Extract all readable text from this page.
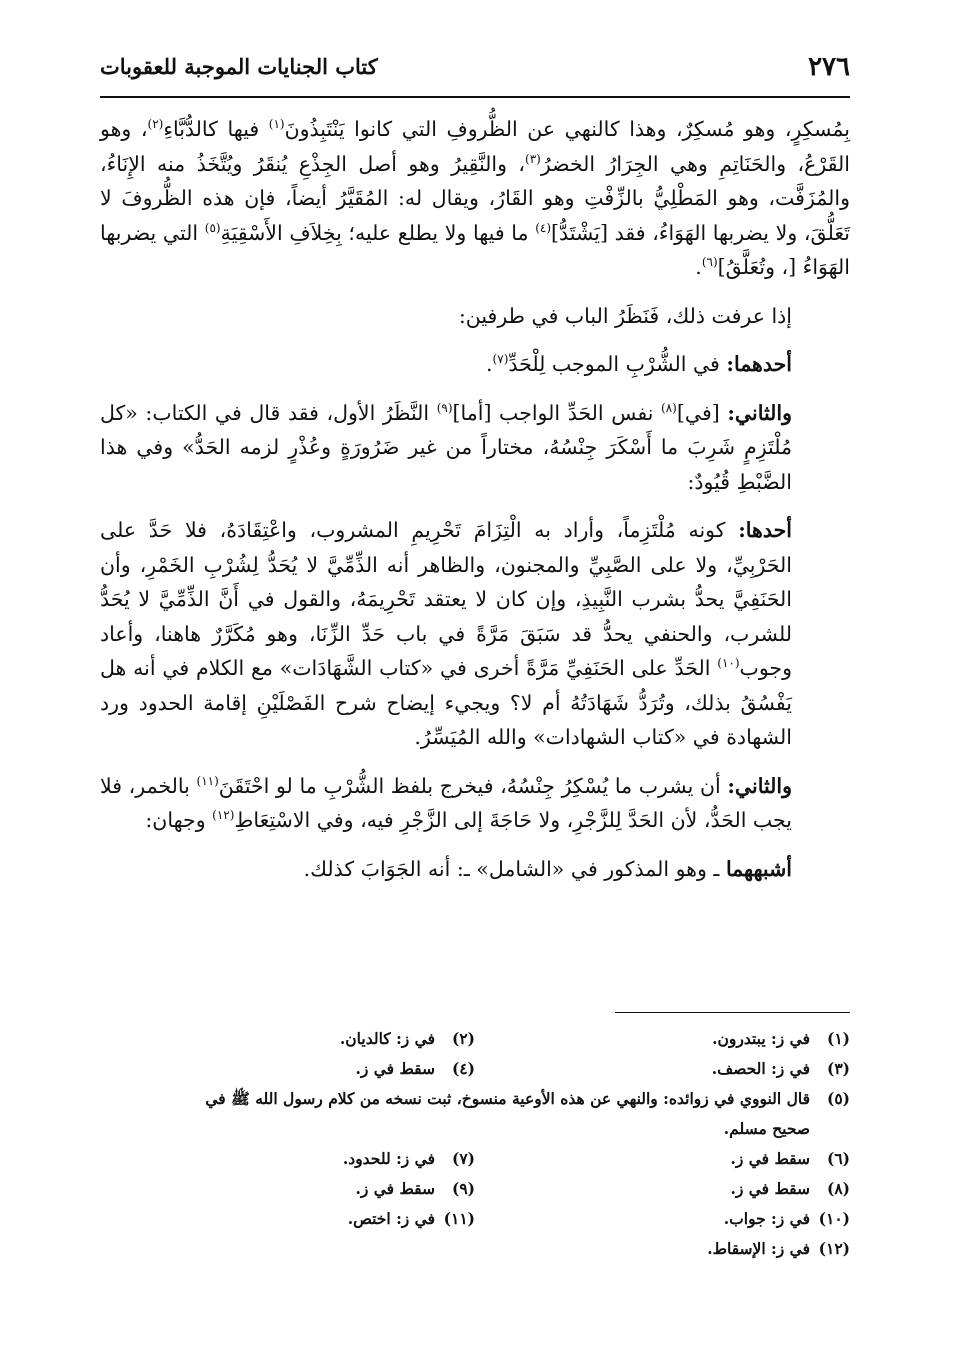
٢٧٦
كتاب الجنايات الموجبة للعقوبات

بِمُسكِرٍ، وهو مُسكِرٌ، وهذا كالنهي عن الظُّروفِ التي كانوا يَنْتَبِذُونَ$^{(١)}$ فيها كالدُّبَّاءِ$^{(٢)}$، وهو القَرْعُ، والحَنَاتِمِ وهي الجِرَارُ الخضرُ$^{(٣)}$، والنَّقِيرُ وهو أصل الجِذْعِ يُنقَرُ ويُتَّخَذُ منه الإِنَاءُ، والمُزَفَّت، وهو المَطْلِيُّ بالزِّفْتِ وهو القَارُ، ويقال له: المُقَيَّرُ أيضاً، فإن هذه الظُّروفَ لا تَعَلُّقَ، ولا يضربها الهَوَاءُ، فقد [يَشْتَدُّ]$^{(٤)}$ ما فيها ولا يطلع عليه؛ بِخِلاَفِ الأَسْقِيَةِ$^{(٥)}$ التي يضربها الهَوَاءُ [، وتُعَلَّقُ]$^{(٦)}$.

إذا عرفت ذلك، فَنَظَرُ الباب في طرفين:

أحدهما: في الشُّرْبِ الموجب لِلْحَدِّ$^{(٧)}$.

والثاني: [في]$^{(٨)}$ نفس الحَدِّ الواجب [أما]$^{(٩)}$ النَّظَرُ الأول، فقد قال في الكتاب: «كل مُلْتَزِمٍ شَرِبَ ما أَسْكَرَ جِنْسُهُ، مختاراً من غير ضَرُورَةٍ وعُذْرٍ لزمه الحَدُّ» وفي هذا الضَّبْطِ قُيُودٌ:

أحدها: كونه مُلْتَزِماً، وأراد به الْتِزَامَ تَحْرِيمِ المشروب، واعْتِقَادَهُ، فلا حَدَّ على الحَرْبِيِّ، ولا على الصَّبِيِّ والمجنون، والظاهر أنه الذِّمِّيَّ لا يُحَدُّ لِشُرْبِ الخَمْرِ، وأن الحَنَفِيَّ يحدُّ بشرب النَّبِيذِ، وإن كان لا يعتقد تَحْرِيمَهُ، والقول في أَنَّ الذِّمِّيَّ لا يُحَدُّ للشرب، والحنفي يحدُّ قد سَبَقَ مَرَّةً في باب حَدِّ الزِّنَا، وهو مُكَرَّرٌ هاهنا، وأعاد وجوب$^{(١٠)}$ الحَدِّ على الحَنَفِيِّ مَرَّةً أخرى في «كتاب الشَّهَادَات» مع الكلام في أنه هل يَفْسُقُ بذلك، وتُرَدُّ شَهَادَتُهُ أم لا؟ ويجيء إيضاح شرح الفَصْلَيْنِ إقامة الحدود ورد الشهادة في «كتاب الشهادات» والله المُيَسِّرُ.

والثاني: أن يشرب ما يُسْكِرُ جِنْسُهُ، فيخرج بلفظ الشُّرْبِ ما لو احْتَقَنَ$^{(١١)}$ بالخمر، فلا يجب الحَدُّ، لأن الحَدَّ لِلزَّجْرِ، ولا حَاجَةَ إلى الزَّجْرِ فيه، وفي الاسْتِعَاطِ$^{(١٢)}$ وجهان:

أشبههما ـ وهو المذكور في «الشامل» ـ: أنه الجَوَابَ كذلك.

(١)في ز: يبتدرون.
(٢)في ز: كالديان.
(٣)في ز: الحصف.
(٤)سقط في ز.
(٥)قال النووي في زوائده: والنهي عن هذه الأوعية منسوخ، ثبت نسخه من كلام رسول الله ﷺ في
صحيح مسلم.
(٦)سقط في ز.
(٧)في ز: للحدود.
(٨)سقط في ز.
(٩)سقط في ز.
(١٠)في ز: جواب.
(١١)في ز: اختص.
(١٢)في ز: الإسقاط.
